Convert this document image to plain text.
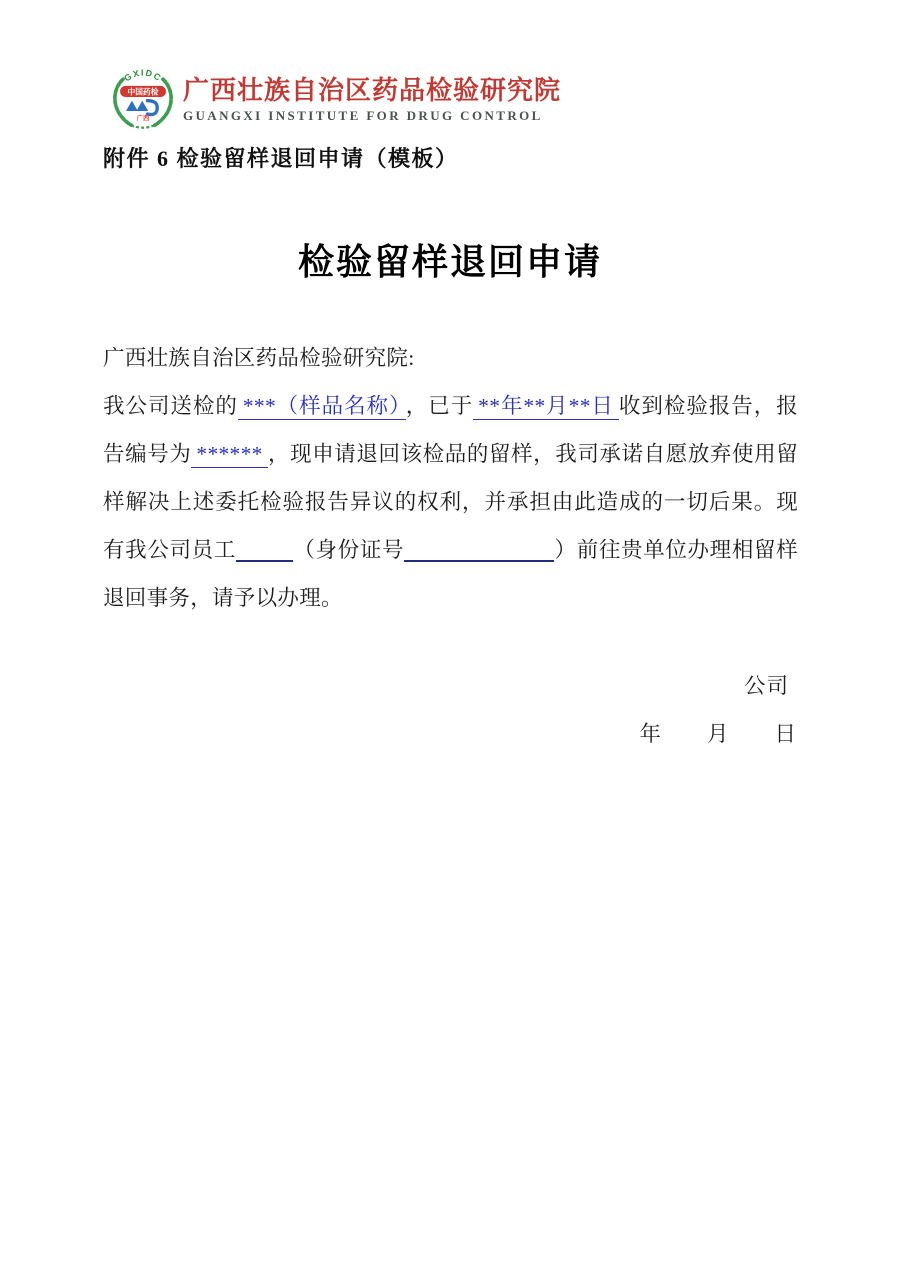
GXIDC
中国药检
广西
广西壮族自治区药品检验研究院
GUANGXI INSTITUTE FOR DRUG CONTROL
附件 6 检验留样退回申请（模板）
检验留样退回申请

广西壮族自治区药品检验研究院:

我公司送检的 ***（样品名称） ，已于 **年**月**日 收到检验报告，报告编号为 ****** ，现申请退回该检品的留样，我司承诺自愿放弃使用留样解决上述委托检验报告异议的权利，并承担由此造成的一切后果。现有我公司员工	（身份证号	）前往贵单位办理相留样退回事务，请予以办理。

公司
年　　月　　日
